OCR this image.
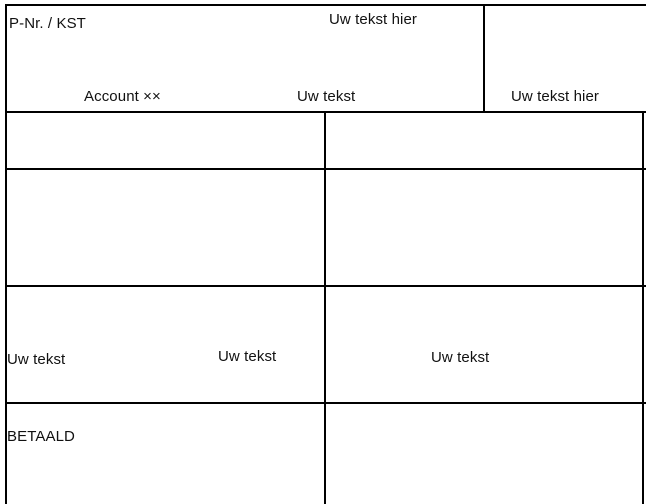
P-Nr. / KST	Uw tekst hier
Account ××	Uw tekst	Uw tekst hier
Uw tekst	Uw tekst	Uw tekst
BETAALD
